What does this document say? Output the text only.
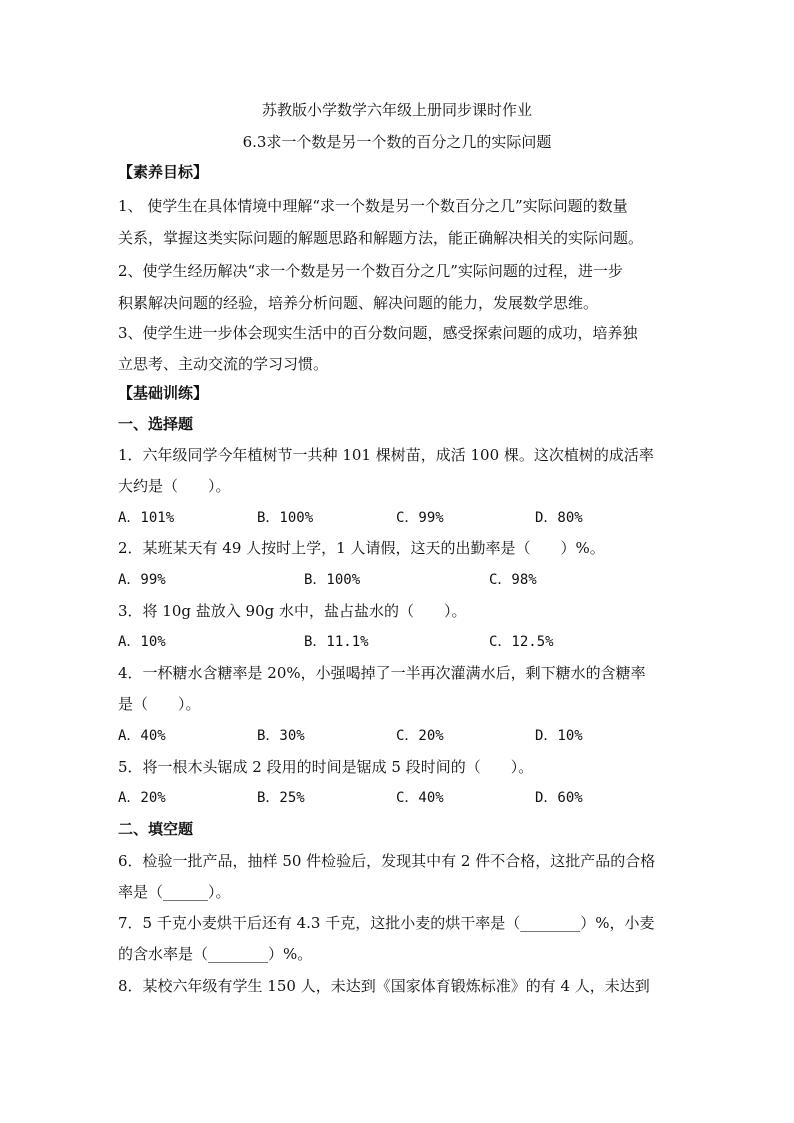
苏教版小学数学六年级上册同步课时作业
6.3求一个数是另一个数的百分之几的实际问题
【素养目标】
1、 使学生在具体情境中理解“求一个数是另一个数百分之几”实际问题的数量
关系，掌握这类实际问题的解题思路和解题方法，能正确解决相关的实际问题。
2、使学生经历解决“求一个数是另一个数百分之几”实际问题的过程，进一步
积累解决问题的经验，培养分析问题、解决问题的能力，发展数学思维。
3、使学生进一步体会现实生活中的百分数问题，感受探索问题的成功，培养独
立思考、主动交流的学习习惯。
【基础训练】
一、选择题
1．六年级同学今年植树节一共种 101 棵树苗，成活 100 棵。这次植树的成活率
大约是（　　）。
A．101%	B．100%	C．99%	D．80%
2．某班某天有 49 人按时上学，1 人请假，这天的出勤率是（　　）%。
A．99%	B．100%	C．98%
3．将 10g 盐放入 90g 水中，盐占盐水的（　　）。
A．10%	B．11.1%	C．12.5%
4．一杯糖水含糖率是 20%，小强喝掉了一半再次灌满水后，剩下糖水的含糖率
是（　　）。
A．40%	B．30%	C．20%	D．10%
5．将一根木头锯成 2 段用的时间是锯成 5 段时间的（　　）。
A．20%	B．25%	C．40%	D．60%
二、填空题
6．检验一批产品，抽样 50 件检验后，发现其中有 2 件不合格，这批产品的合格
率是（______）。
7．5 千克小麦烘干后还有 4.3 千克，这批小麦的烘干率是（________）%，小麦
的含水率是（________）%。
8．某校六年级有学生 150 人，未达到《国家体育锻炼标准》的有 4 人，未达到
